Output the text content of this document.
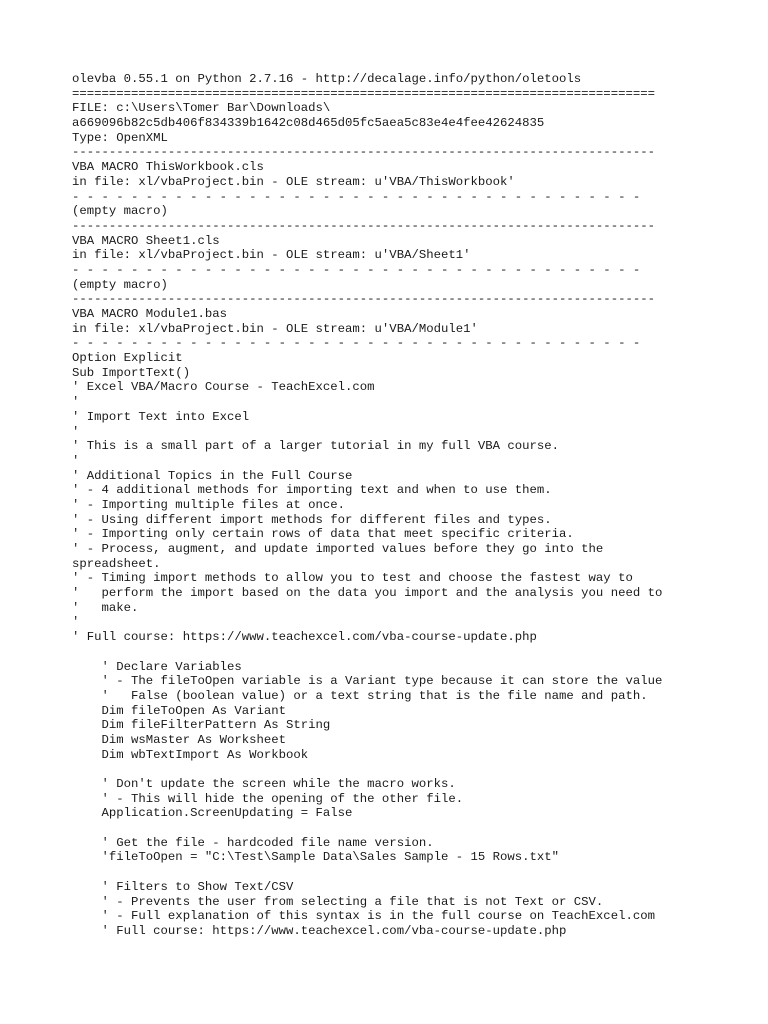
olevba 0.55.1 on Python 2.7.16 - http://decalage.info/python/oletools
===============================================================================
FILE: c:\Users\Tomer Bar\Downloads\
a669096b82c5db406f834339b1642c08d465d05fc5aea5c83e4e4fee42624835
Type: OpenXML
-------------------------------------------------------------------------------
VBA MACRO ThisWorkbook.cls
in file: xl/vbaProject.bin - OLE stream: u'VBA/ThisWorkbook'
- - - - - - - - - - - - - - - - - - - - - - - - - - - - - - - - - - - - - - -
(empty macro)
-------------------------------------------------------------------------------
VBA MACRO Sheet1.cls
in file: xl/vbaProject.bin - OLE stream: u'VBA/Sheet1'
- - - - - - - - - - - - - - - - - - - - - - - - - - - - - - - - - - - - - - -
(empty macro)
-------------------------------------------------------------------------------
VBA MACRO Module1.bas
in file: xl/vbaProject.bin - OLE stream: u'VBA/Module1'
- - - - - - - - - - - - - - - - - - - - - - - - - - - - - - - - - - - - - - -
Option Explicit
Sub ImportText()
' Excel VBA/Macro Course - TeachExcel.com
'
' Import Text into Excel
'
' This is a small part of a larger tutorial in my full VBA course.
'
' Additional Topics in the Full Course
' - 4 additional methods for importing text and when to use them.
' - Importing multiple files at once.
' - Using different import methods for different files and types.
' - Importing only certain rows of data that meet specific criteria.
' - Process, augment, and update imported values before they go into the
spreadsheet.
' - Timing import methods to allow you to test and choose the fastest way to
'   perform the import based on the data you import and the analysis you need to
'   make.
'
' Full course: https://www.teachexcel.com/vba-course-update.php
' Declare Variables
' - The fileToOpen variable is a Variant type because it can store the value
'   False (boolean value) or a text string that is the file name and path.
Dim fileToOpen As Variant
Dim fileFilterPattern As String
Dim wsMaster As Worksheet
Dim wbTextImport As Workbook
' Don't update the screen while the macro works.
' - This will hide the opening of the other file.
Application.ScreenUpdating = False
' Get the file - hardcoded file name version.
'fileToOpen = "C:\Test\Sample Data\Sales Sample - 15 Rows.txt"
' Filters to Show Text/CSV
' - Prevents the user from selecting a file that is not Text or CSV.
' - Full explanation of this syntax is in the full course on TeachExcel.com
' Full course: https://www.teachexcel.com/vba-course-update.php
